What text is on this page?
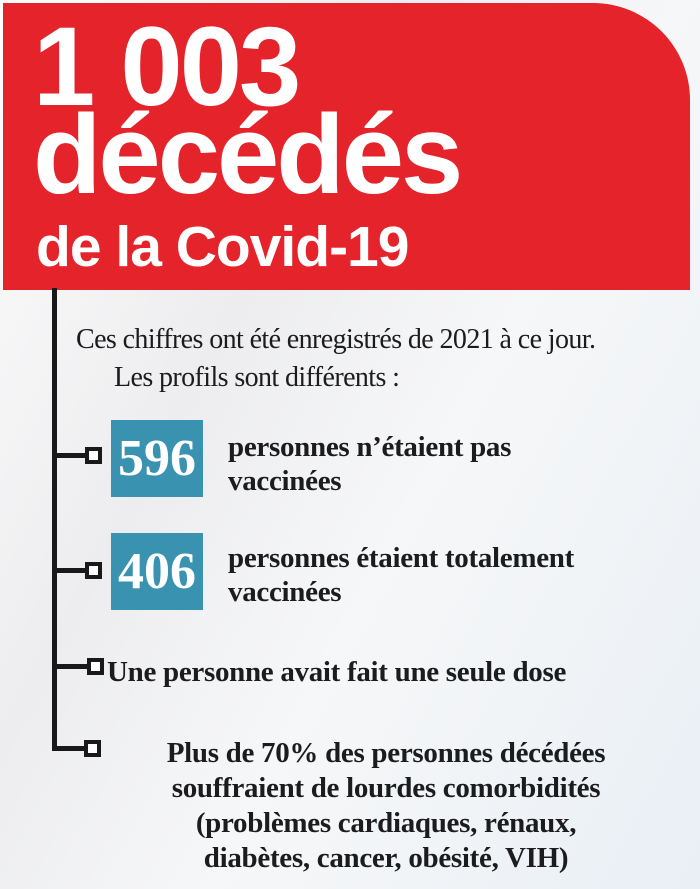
1 003
décédés
de la Covid-19
Ces chiffres ont été enregistrés de 2021 à ce jour.
Les profils sont différents :
596
406
personnes n’étaient pas
vaccinées
personnes étaient totalement
vaccinées
Une personne avait fait une seule dose
Plus de 70% des personnes décédées
souffraient de lourdes comorbidités
(problèmes cardiaques, rénaux,
diabètes, cancer, obésité, VIH)
